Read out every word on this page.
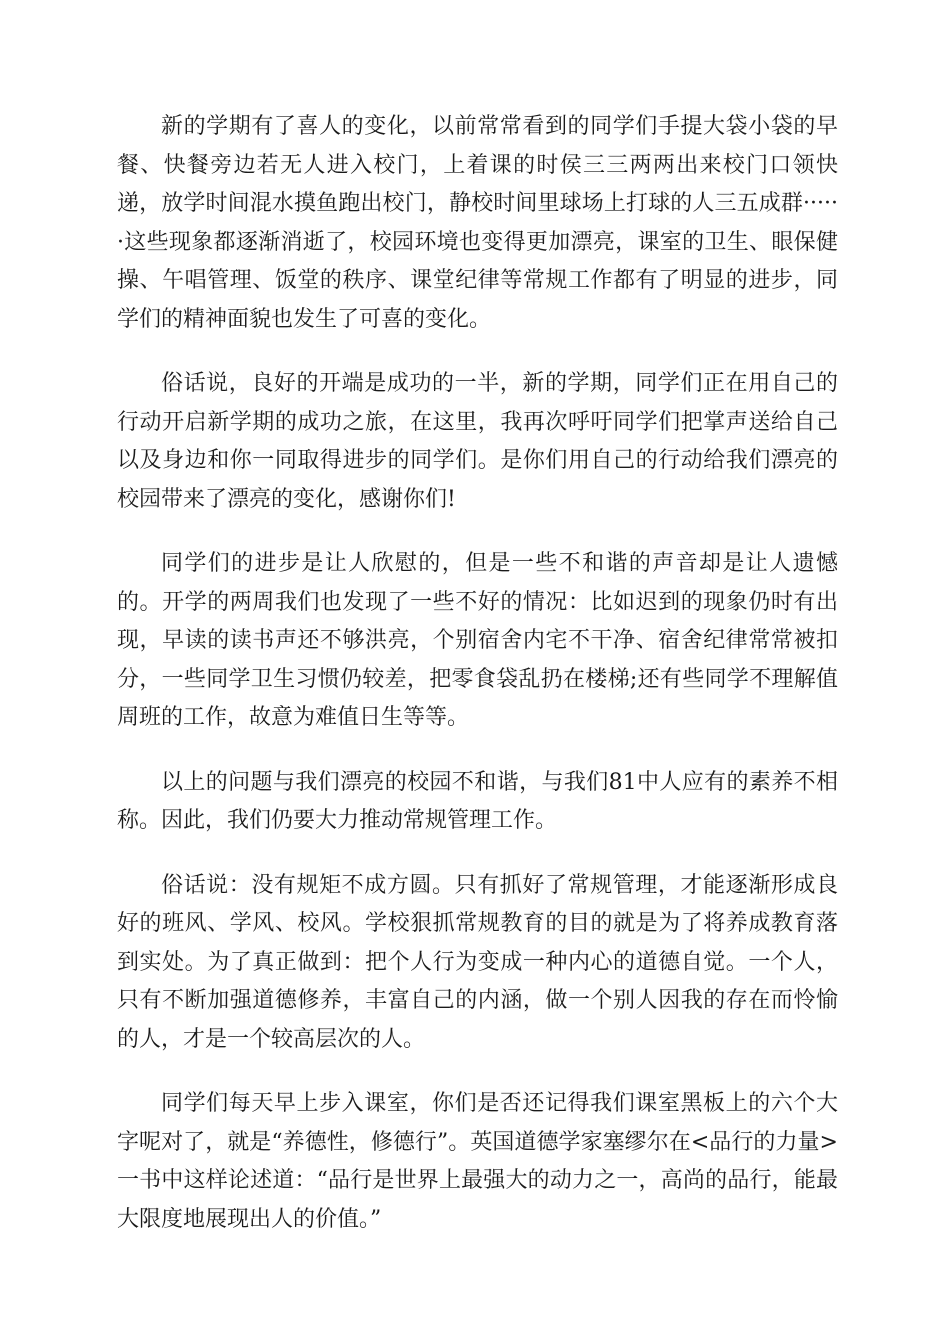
新的学期有了喜人的变化，以前常常看到的同学们手提大袋小袋的早餐、快餐旁边若无人进入校门，上着课的时侯三三两两出来校门口领快递，放学时间混水摸鱼跑出校门，静校时间里球场上打球的人三五成群······这些现象都逐渐消逝了，校园环境也变得更加漂亮，课室的卫生、眼保健操、午唱管理、饭堂的秩序、课堂纪律等常规工作都有了明显的进步，同学们的精神面貌也发生了可喜的变化。

俗话说，良好的开端是成功的一半，新的学期，同学们正在用自己的行动开启新学期的成功之旅，在这里，我再次呼吁同学们把掌声送给自己以及身边和你一同取得进步的同学们。是你们用自己的行动给我们漂亮的校园带来了漂亮的变化，感谢你们!

同学们的进步是让人欣慰的，但是一些不和谐的声音却是让人遗憾的。开学的两周我们也发现了一些不好的情况：比如迟到的现象仍时有出现，早读的读书声还不够洪亮，个别宿舍内宅不干净、宿舍纪律常常被扣分，一些同学卫生习惯仍较差，把零食袋乱扔在楼梯;还有些同学不理解值周班的工作，故意为难值日生等等。

以上的问题与我们漂亮的校园不和谐，与我们81中人应有的素养不相称。因此，我们仍要大力推动常规管理工作。

俗话说：没有规矩不成方圆。只有抓好了常规管理，才能逐渐形成良好的班风、学风、校风。学校狠抓常规教育的目的就是为了将养成教育落到实处。为了真正做到：把个人行为变成一种内心的道德自觉。一个人，只有不断加强道德修养，丰富自己的内涵，做一个别人因我的存在而怜愉的人，才是一个较高层次的人。

同学们每天早上步入课室，你们是否还记得我们课室黑板上的六个大字呢对了，就是“养德性，修德行”。英国道德学家塞缪尔在<品行的力量>一书中这样论述道：“品行是世界上最强大的动力之一，高尚的品行，能最大限度地展现出人的价值。”
